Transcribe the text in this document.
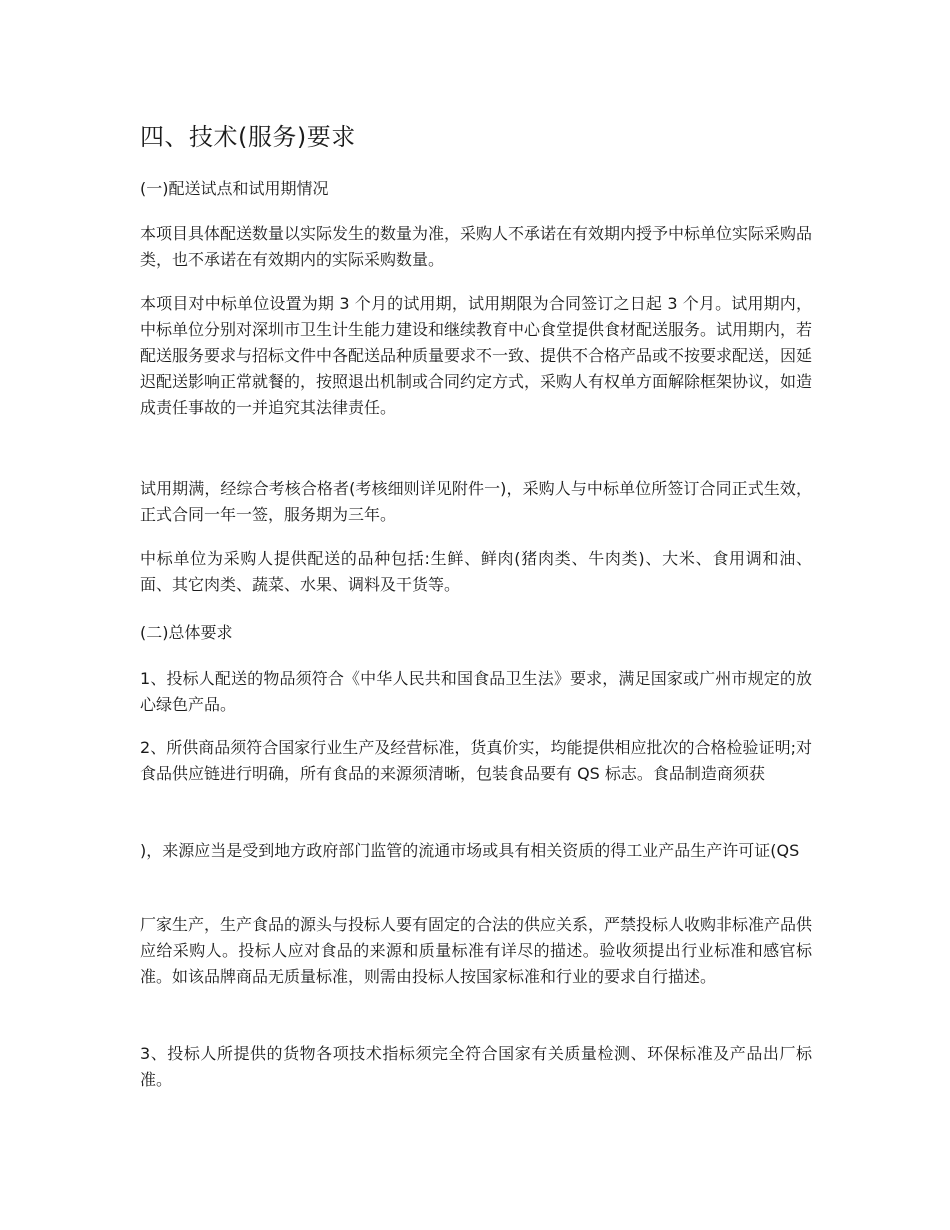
四、技术(服务)要求

(一)配送试点和试用期情况

本项目具体配送数量以实际发生的数量为准，采购人不承诺在有效期内授予中标单位实际采购品类，也不承诺在有效期内的实际采购数量。

本项目对中标单位设置为期 3 个月的试用期，试用期限为合同签订之日起 3 个月。试用期内，中标单位分别对深圳市卫生计生能力建设和继续教育中心食堂提供食材配送服务。试用期内，若配送服务要求与招标文件中各配送品种质量要求不一致、提供不合格产品或不按要求配送，因延迟配送影响正常就餐的，按照退出机制或合同约定方式，采购人有权单方面解除框架协议，如造成责任事故的一并追究其法律责任。

试用期满，经综合考核合格者(考核细则详见附件一)，采购人与中标单位所签订合同正式生效，正式合同一年一签，服务期为三年。

中标单位为采购人提供配送的品种包括:生鲜、鲜肉(猪肉类、牛肉类)、大米、食用调和油、面、其它肉类、蔬菜、水果、调料及干货等。

(二)总体要求

1、投标人配送的物品须符合《中华人民共和国食品卫生法》要求，满足国家或广州市规定的放心绿色产品。

2、所供商品须符合国家行业生产及经营标准，货真价实，均能提供相应批次的合格检验证明;对食品供应链进行明确，所有食品的来源须清晰，包装食品要有 QS 标志。食品制造商须获

)，来源应当是受到地方政府部门监管的流通市场或具有相关资质的得工业产品生产许可证(QS

厂家生产，生产食品的源头与投标人要有固定的合法的供应关系，严禁投标人收购非标准产品供应给采购人。投标人应对食品的来源和质量标准有详尽的描述。验收须提出行业标准和感官标准。如该品牌商品无质量标准，则需由投标人按国家标准和行业的要求自行描述。

3、投标人所提供的货物各项技术指标须完全符合国家有关质量检测、环保标准及产品出厂标准。
